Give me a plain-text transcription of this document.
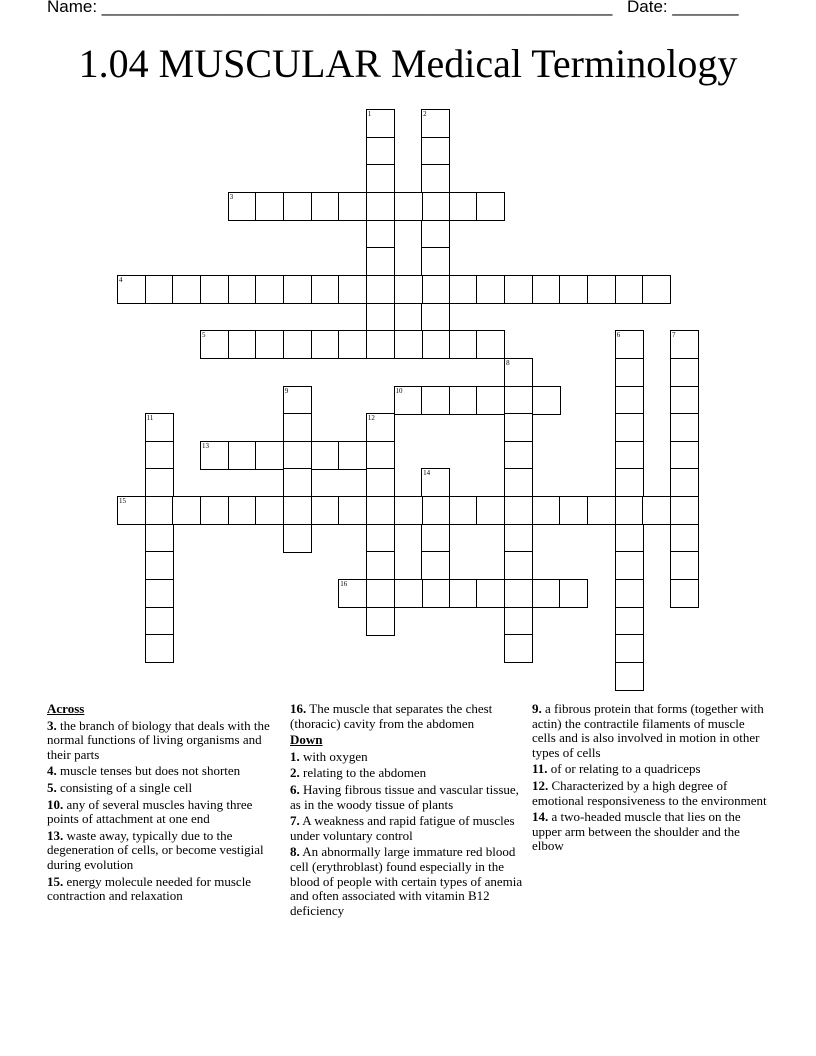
Name: ______________________________________________________ Date: _______
1.04 MUSCULAR Medical Terminology
1	2
3
4
5	6	7
8
9	10
11	12
13
14
15
16
Across
3. the branch of biology that deals with the normal functions of living organisms and their parts
4. muscle tenses but does not shorten
5. consisting of a single cell
10. any of several muscles having three points of attachment at one end
13. waste away, typically due to the degeneration of cells, or become vestigial during evolution
15. energy molecule needed for muscle contraction and relaxation
16. The muscle that separates the chest (thoracic) cavity from the abdomen
Down
1. with oxygen
2. relating to the abdomen
6. Having fibrous tissue and vascular tissue, as in the woody tissue of plants
7. A weakness and rapid fatigue of muscles under voluntary control
8. An abnormally large immature red blood cell (erythroblast) found especially in the blood of people with certain types of anemia and often associated with vitamin B12 deficiency
9. a fibrous protein that forms (together with actin) the contractile filaments of muscle cells and is also involved in motion in other types of cells
11. of or relating to a quadriceps
12. Characterized by a high degree of emotional responsiveness to the environment
14. a two-headed muscle that lies on the upper arm between the shoulder and the elbow
